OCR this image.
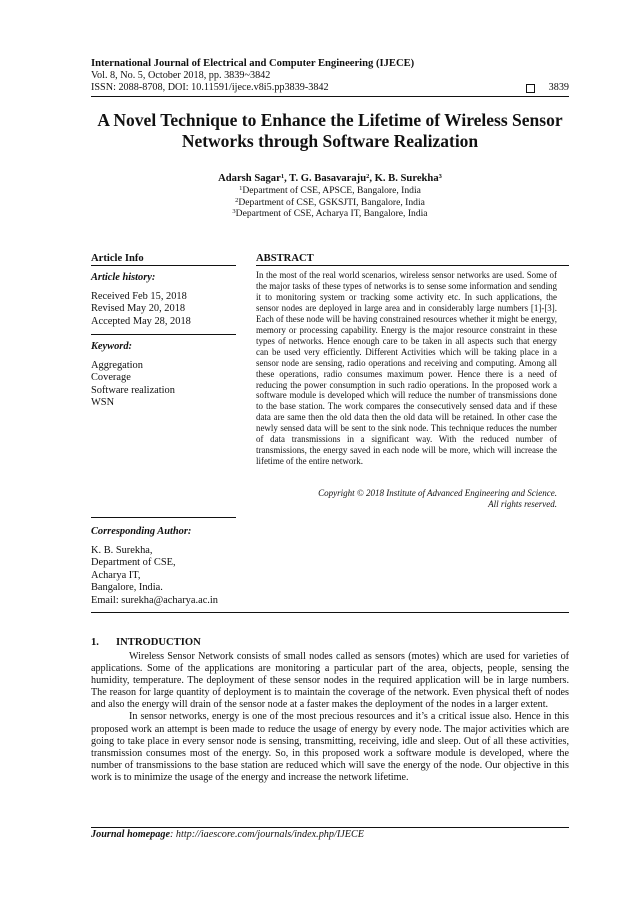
International Journal of Electrical and Computer Engineering (IJECE)
Vol. 8, No. 5, October 2018, pp. 3839~3842
ISSN: 2088-8708, DOI: 10.11591/ijece.v8i5.pp3839-3842	3839
A Novel Technique to Enhance the Lifetime of Wireless Sensor
Networks through Software Realization
Adarsh Sagar$^1$, T. G. Basavaraju$^2$, K. B. Surekha$^3$
$^1$Department of CSE, APSCE, Bangalore, India
$^2$Department of CSE, GSKSJTI, Bangalore, India
$^3$Department of CSE, Acharya IT, Bangalore, India
Article Info
Article history:
Received Feb 15, 2018
Revised May 20, 2018
Accepted May 28, 2018
Keyword:
Aggregation
Coverage
Software realization
WSN
Corresponding Author:
K. B. Surekha,
Department of CSE,
Acharya IT,
Bangalore, India.
Email: surekha@acharya.ac.in
ABSTRACT
In the most of the real world scenarios, wireless sensor networks are used. Some of the major tasks of these types of networks is to sense some information and sending it to monitoring system or tracking some activity etc. In such applications, the sensor nodes are deployed in large area and in considerably large numbers [1]-[3]. Each of these node will be having constrained resources whether it might be energy, memory or processing capability. Energy is the major resource constraint in these types of networks. Hence enough care to be taken in all aspects such that energy can be used very efficiently. Different Activities which will be taking place in a sensor node are sensing, radio operations and receiving and computing. Among all these operations, radio consumes maximum power. Hence there is a need of reducing the power consumption in such radio operations. In the proposed work a software module is developed which will reduce the number of transmissions done to the base station. The work compares the consecutively sensed data and if these data are same then the old data then the old data will be retained. In other case the newly sensed data will be sent to the sink node. This technique reduces the number of data transmissions in a significant way. With the reduced number of transmissions, the energy saved in each node will be more, which will increase the lifetime of the entire network.
Copyright © 2018 Institute of Advanced Engineering and Science.
All rights reserved.
1. INTRODUCTION

Wireless Sensor Network consists of small nodes called as sensors (motes) which are used for varieties of applications. Some of the applications are monitoring a particular part of the area, objects, people, sensing the humidity, temperature. The deployment of these sensor nodes in the required application will be in large numbers. The reason for large quantity of deployment is to maintain the coverage of the network. Even physical theft of nodes and also the energy will drain of the sensor node at a faster makes the deployment of the nodes in a larger extent.

In sensor networks, energy is one of the most precious resources and it’s a critical issue also. Hence in this proposed work an attempt is been made to reduce the usage of energy by every node. The major activities which are going to take place in every sensor node is sensing, transmitting, receiving, idle and sleep. Out of all these activities, transmission consumes most of the energy. So, in this proposed work a software module is developed, where the number of transmissions to the base station are reduced which will save the energy of the node. Our objective in this work is to minimize the usage of the energy and increase the network lifetime.

Journal homepage: http://iaescore.com/journals/index.php/IJECE
